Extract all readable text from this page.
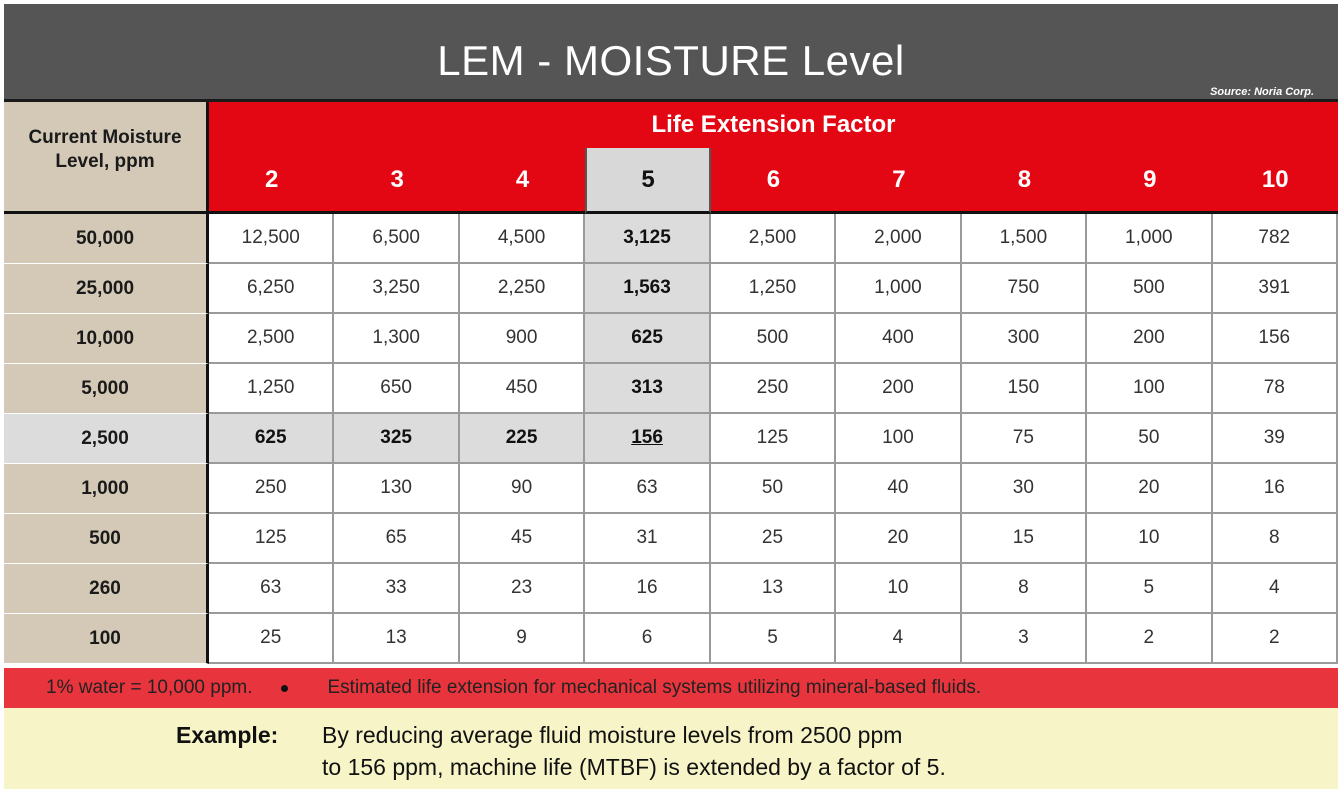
LEM - MOISTURE Level
Source: Noria Corp.
Current Moisture Level, ppm
Life Extension Factor
2	3	4	5	6	7	8	9	10
50,000	12,500	6,500	4,500	3,125	2,500	2,000	1,500	1,000	782
25,000	6,250	3,250	2,250	1,563	1,250	1,000	750	500	391
10,000	2,500	1,300	900	625	500	400	300	200	156
5,000	1,250	650	450	313	250	200	150	100	78
2,500	625	325	225	156	125	100	75	50	39
1,000	250	130	90	63	50	40	30	20	16
500	125	65	45	31	25	20	15	10	8
260	63	33	23	16	13	10	8	5	4
100	25	13	9	6	5	4	3	2	2
1% water = 10,000 ppm.	Estimated life extension for mechanical systems utilizing mineral-based fluids.
Example: By reducing average fluid moisture levels from 2500 ppm
to 156 ppm, machine life (MTBF) is extended by a factor of 5.
